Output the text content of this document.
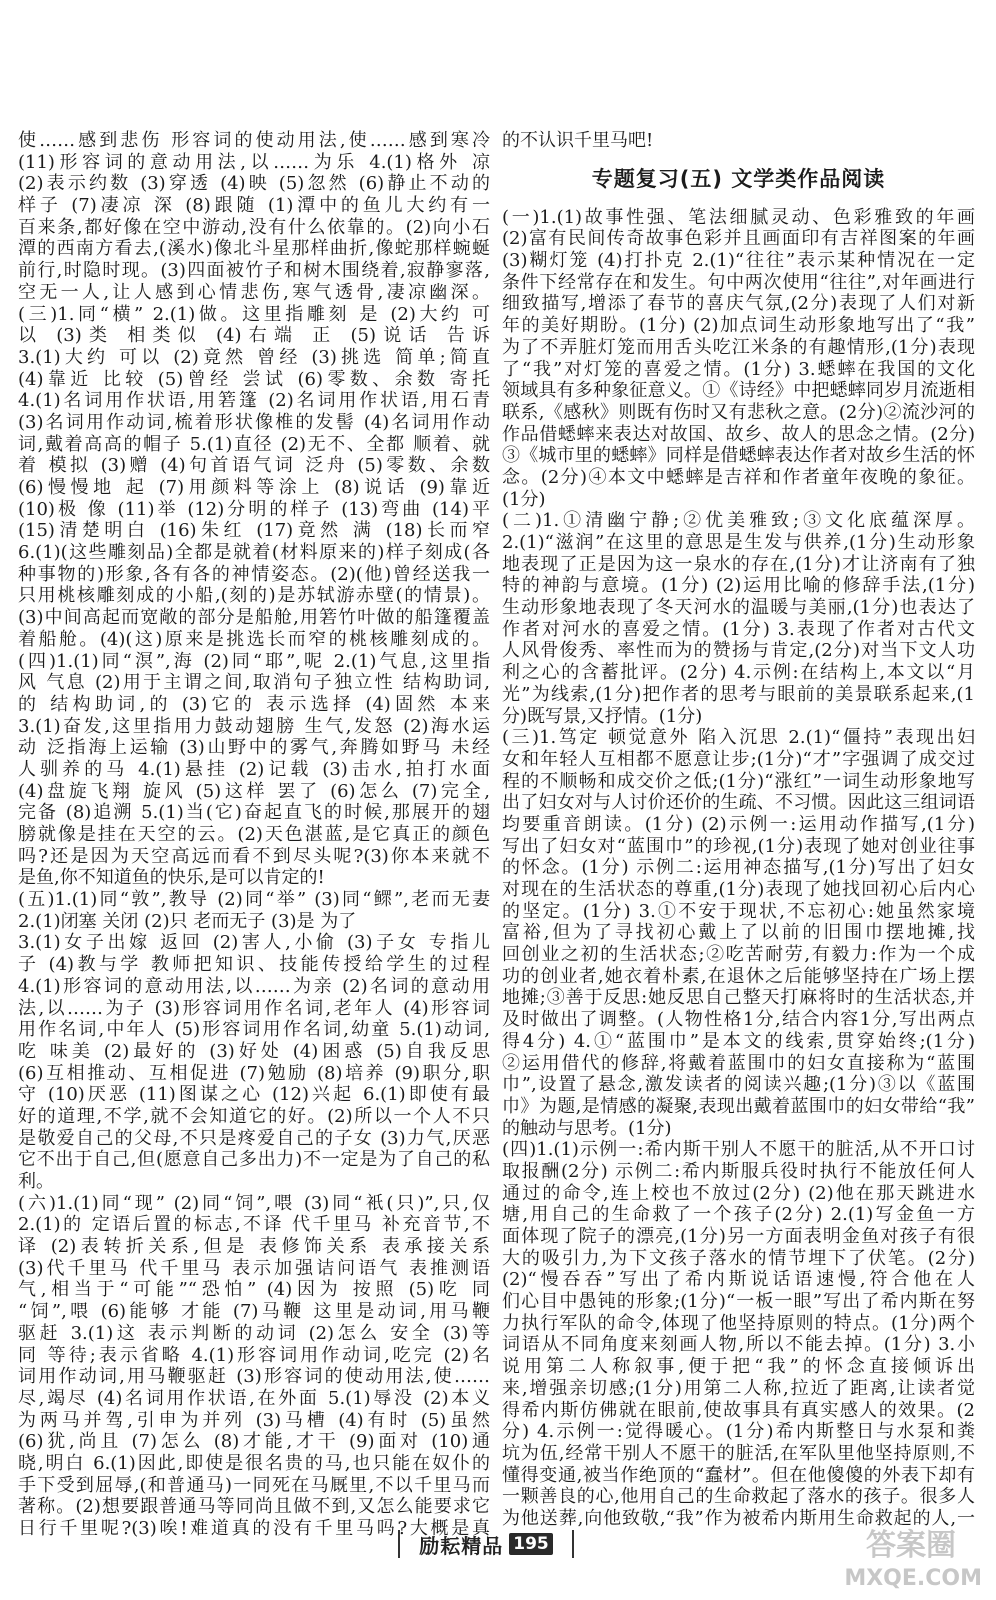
使……感到悲伤 形容词的使动用法,使……感到寒冷
(11)形容词的意动用法,以……为乐 4.(1)格外 凉
(2)表示约数 (3)穿透 (4)映 (5)忽然 (6)静止不动的
样子 (7)凄凉 深 (8)跟随 (1)潭中的鱼儿大约有一
百来条,都好像在空中游动,没有什么依靠的。(2)向小石
潭的西南方看去,(溪水)像北斗星那样曲折,像蛇那样蜿蜒
前行,时隐时现。(3)四面被竹子和树木围绕着,寂静寥落,
空无一人,让人感到心情悲伤,寒气透骨,凄凉幽深。
(三)1.同“横” 2.(1)做。这里指雕刻 是 (2)大约 可
以 (3)类 相类似 (4)右端 正 (5)说话 告诉
3.(1)大约 可以 (2)竟然 曾经 (3)挑选 简单;简直
(4)靠近 比较 (5)曾经 尝试 (6)零数、余数 寄托
4.(1)名词用作状语,用箬篷 (2)名词用作状语,用石青
(3)名词用作动词,梳着形状像椎的发髻 (4)名词用作动
词,戴着高高的帽子 5.(1)直径 (2)无不、全都 顺着、就
着 模拟 (3)赠 (4)句首语气词 泛舟 (5)零数、余数
(6)慢慢地 起 (7)用颜料等涂上 (8)说话 (9)靠近
(10)极 像 (11)举 (12)分明的样子 (13)弯曲 (14)平
(15)清楚明白 (16)朱红 (17)竟然 满 (18)长而窄
6.(1)(这些雕刻品)全都是就着(材料原来的)样子刻成(各
种事物的)形象,各有各的神情姿态。(2)(他)曾经送我一
只用桃核雕刻成的小船,(刻的)是苏轼游赤壁(的情景)。
(3)中间高起而宽敞的部分是船舱,用箬竹叶做的船篷覆盖
着船舱。(4)(这)原来是挑选长而窄的桃核雕刻成的。
(四)1.(1)同“溟”,海 (2)同“耶”,呢 2.(1)气息,这里指
风 气息 (2)用于主谓之间,取消句子独立性 结构助词,
的 结构助词,的 (3)它的 表示选择 (4)固然 本来
3.(1)奋发,这里指用力鼓动翅膀 生气,发怒 (2)海水运
动 泛指海上运输 (3)山野中的雾气,奔腾如野马 未经
人驯养的马 4.(1)悬挂 (2)记载 (3)击水,拍打水面
(4)盘旋飞翔 旋风 (5)这样 罢了 (6)怎么 (7)完全,
完备 (8)追溯 5.(1)当(它)奋起直飞的时候,那展开的翅
膀就像是挂在天空的云。(2)天色湛蓝,是它真正的颜色
吗?还是因为天空高远而看不到尽头呢?(3)你本来就不
是鱼,你不知道鱼的快乐,是可以肯定的!
(五)1.(1)同“敦”,教导 (2)同“举” (3)同“鳏”,老而无妻
2.(1)闭塞 关闭 (2)只 老而无子 (3)是 为了
3.(1)女子出嫁 返回 (2)害人,小偷 (3)子女 专指儿
子 (4)教与学 教师把知识、技能传授给学生的过程
4.(1)形容词的意动用法,以……为亲 (2)名词的意动用
法,以……为子 (3)形容词用作名词,老年人 (4)形容词
用作名词,中年人 (5)形容词用作名词,幼童 5.(1)动词,
吃 味美 (2)最好的 (3)好处 (4)困惑 (5)自我反思
(6)互相推动、互相促进 (7)勉励 (8)培养 (9)职分,职
守 (10)厌恶 (11)图谋之心 (12)兴起 6.(1)即使有最
好的道理,不学,就不会知道它的好。(2)所以一个人不只
是敬爱自己的父母,不只是疼爱自己的子女 (3)力气,厌恶
它不出于自己,但(愿意自己多出力)不一定是为了自己的私
利。
(六)1.(1)同“现” (2)同“饲”,喂 (3)同“衹(只)”,只,仅
2.(1)的 定语后置的标志,不译 代千里马 补充音节,不
译 (2)表转折关系,但是 表修饰关系 表承接关系
(3)代千里马 代千里马 表示加强诘问语气 表推测语
气,相当于“可能”“恐怕” (4)因为 按照 (5)吃 同
“饲”,喂 (6)能够 才能 (7)马鞭 这里是动词,用马鞭
驱赶 3.(1)这 表示判断的动词 (2)怎么 安全 (3)等
同 等待;表示省略 4.(1)形容词用作动词,吃完 (2)名
词用作动词,用马鞭驱赶 (3)形容词的使动用法,使……
尽,竭尽 (4)名词用作状语,在外面 5.(1)辱没 (2)本义
为两马并驾,引申为并列 (3)马槽 (4)有时 (5)虽然
(6)犹,尚且 (7)怎么 (8)才能,才干 (9)面对 (10)通
晓,明白 6.(1)因此,即使是很名贵的马,也只能在奴仆的
手下受到屈辱,(和普通马)一同死在马厩里,不以千里马而
著称。(2)想要跟普通马等同尚且做不到,又怎么能要求它
日行千里呢?(3)唉!难道真的没有千里马吗?大概是真
的不认识千里马吧!
专题复习(五) 文学类作品阅读
(一)1.(1)故事性强、笔法细腻灵动、色彩雅致的年画
(2)富有民间传奇故事色彩并且画面印有吉祥图案的年画
(3)糊灯笼 (4)打扑克 2.(1)“往往”表示某种情况在一定
条件下经常存在和发生。句中两次使用“往往”,对年画进行
细致描写,增添了春节的喜庆气氛,(2分)表现了人们对新
年的美好期盼。(1分) (2)加点词生动形象地写出了“我”
为了不弄脏灯笼而用舌头吃江米条的有趣情形,(1分)表现
了“我”对灯笼的喜爱之情。(1分) 3.蟋蟀在我国的文化
领域具有多种象征意义。①《诗经》中把蟋蟀同岁月流逝相
联系,《感秋》则既有伤时又有悲秋之意。(2分)②流沙河的
作品借蟋蟀来表达对故国、故乡、故人的思念之情。(2分)
③《城市里的蟋蟀》同样是借蟋蟀表达作者对故乡生活的怀
念。(2分)④本文中蟋蟀是吉祥和作者童年夜晚的象征。
(1分)
(二)1.①清幽宁静;②优美雅致;③文化底蕴深厚。
2.(1)“滋润”在这里的意思是生发与供养,(1分)生动形象
地表现了正是因为这一泉水的存在,(1分)才让济南有了独
特的神韵与意境。(1分) (2)运用比喻的修辞手法,(1分)
生动形象地表现了冬天河水的温暖与美丽,(1分)也表达了
作者对河水的喜爱之情。(1分) 3.表现了作者对古代文
人风骨俊秀、率性而为的赞扬与肯定,(2分)对当下文人功
利之心的含蓄批评。(2分) 4.示例:在结构上,本文以“月
光”为线索,(1分)把作者的思考与眼前的美景联系起来,(1
分)既写景,又抒情。(1分)
(三)1.笃定 顿觉意外 陷入沉思 2.(1)“僵持”表现出妇
女和年轻人互相都不愿意让步;(1分)“才”字强调了成交过
程的不顺畅和成交价之低;(1分)“涨红”一词生动形象地写
出了妇女对与人讨价还价的生疏、不习惯。因此这三组词语
均要重音朗读。(1分) (2)示例一:运用动作描写,(1分)
写出了妇女对“蓝围巾”的珍视,(1分)表现了她对创业往事
的怀念。(1分) 示例二:运用神态描写,(1分)写出了妇女
对现在的生活状态的尊重,(1分)表现了她找回初心后内心
的坚定。(1分) 3.①不安于现状,不忘初心:她虽然家境
富裕,但为了寻找初心戴上了以前的旧围巾摆地摊,找
回创业之初的生活状态;②吃苦耐劳,有毅力:作为一个成
功的创业者,她衣着朴素,在退休之后能够坚持在广场上摆
地摊;③善于反思:她反思自己整天打麻将时的生活状态,并
及时做出了调整。(人物性格1分,结合内容1分,写出两点
得4分) 4.①“蓝围巾”是本文的线索,贯穿始终;(1分)
②运用借代的修辞,将戴着蓝围巾的妇女直接称为“蓝围
巾”,设置了悬念,激发读者的阅读兴趣;(1分)③以《蓝围
巾》为题,是情感的凝聚,表现出戴着蓝围巾的妇女带给“我”
的触动与思考。(1分)
(四)1.(1)示例一:希内斯干别人不愿干的脏活,从不开口讨
取报酬(2分) 示例二:希内斯服兵役时执行不能放任何人
通过的命令,连上校也不放过(2分) (2)他在那天跳进水
塘,用自己的生命救了一个孩子(2分) 2.(1)写金鱼一方
面体现了院子的漂亮,(1分)另一方面表明金鱼对孩子有很
大的吸引力,为下文孩子落水的情节埋下了伏笔。(2分)
(2)“慢吞吞”写出了希内斯说话语速慢,符合他在人
们心目中愚钝的形象;(1分)“一板一眼”写出了希内斯在努
力执行军队的命令,体现了他坚持原则的特点。(1分)两个
词语从不同角度来刻画人物,所以不能去掉。(1分) 3.小
说用第二人称叙事,便于把“我”的怀念直接倾诉出
来,增强亲切感;(1分)用第二人称,拉近了距离,让读者觉
得希内斯仿佛就在眼前,使故事具有真实感人的效果。(2
分) 4.示例一:觉得暖心。(1分)希内斯整日与水泵和粪
坑为伍,经常干别人不愿干的脏活,在军队里他坚持原则,不
懂得变通,被当作绝顶的“蠢材”。但在他傻傻的外表下却有
一颗善良的心,他用自己的生命救起了落水的孩子。很多人
为他送葬,向他致敬,“我”作为被希内斯用生命救起的人,一
励耘精品 195	答案圈
MXQE.COM
